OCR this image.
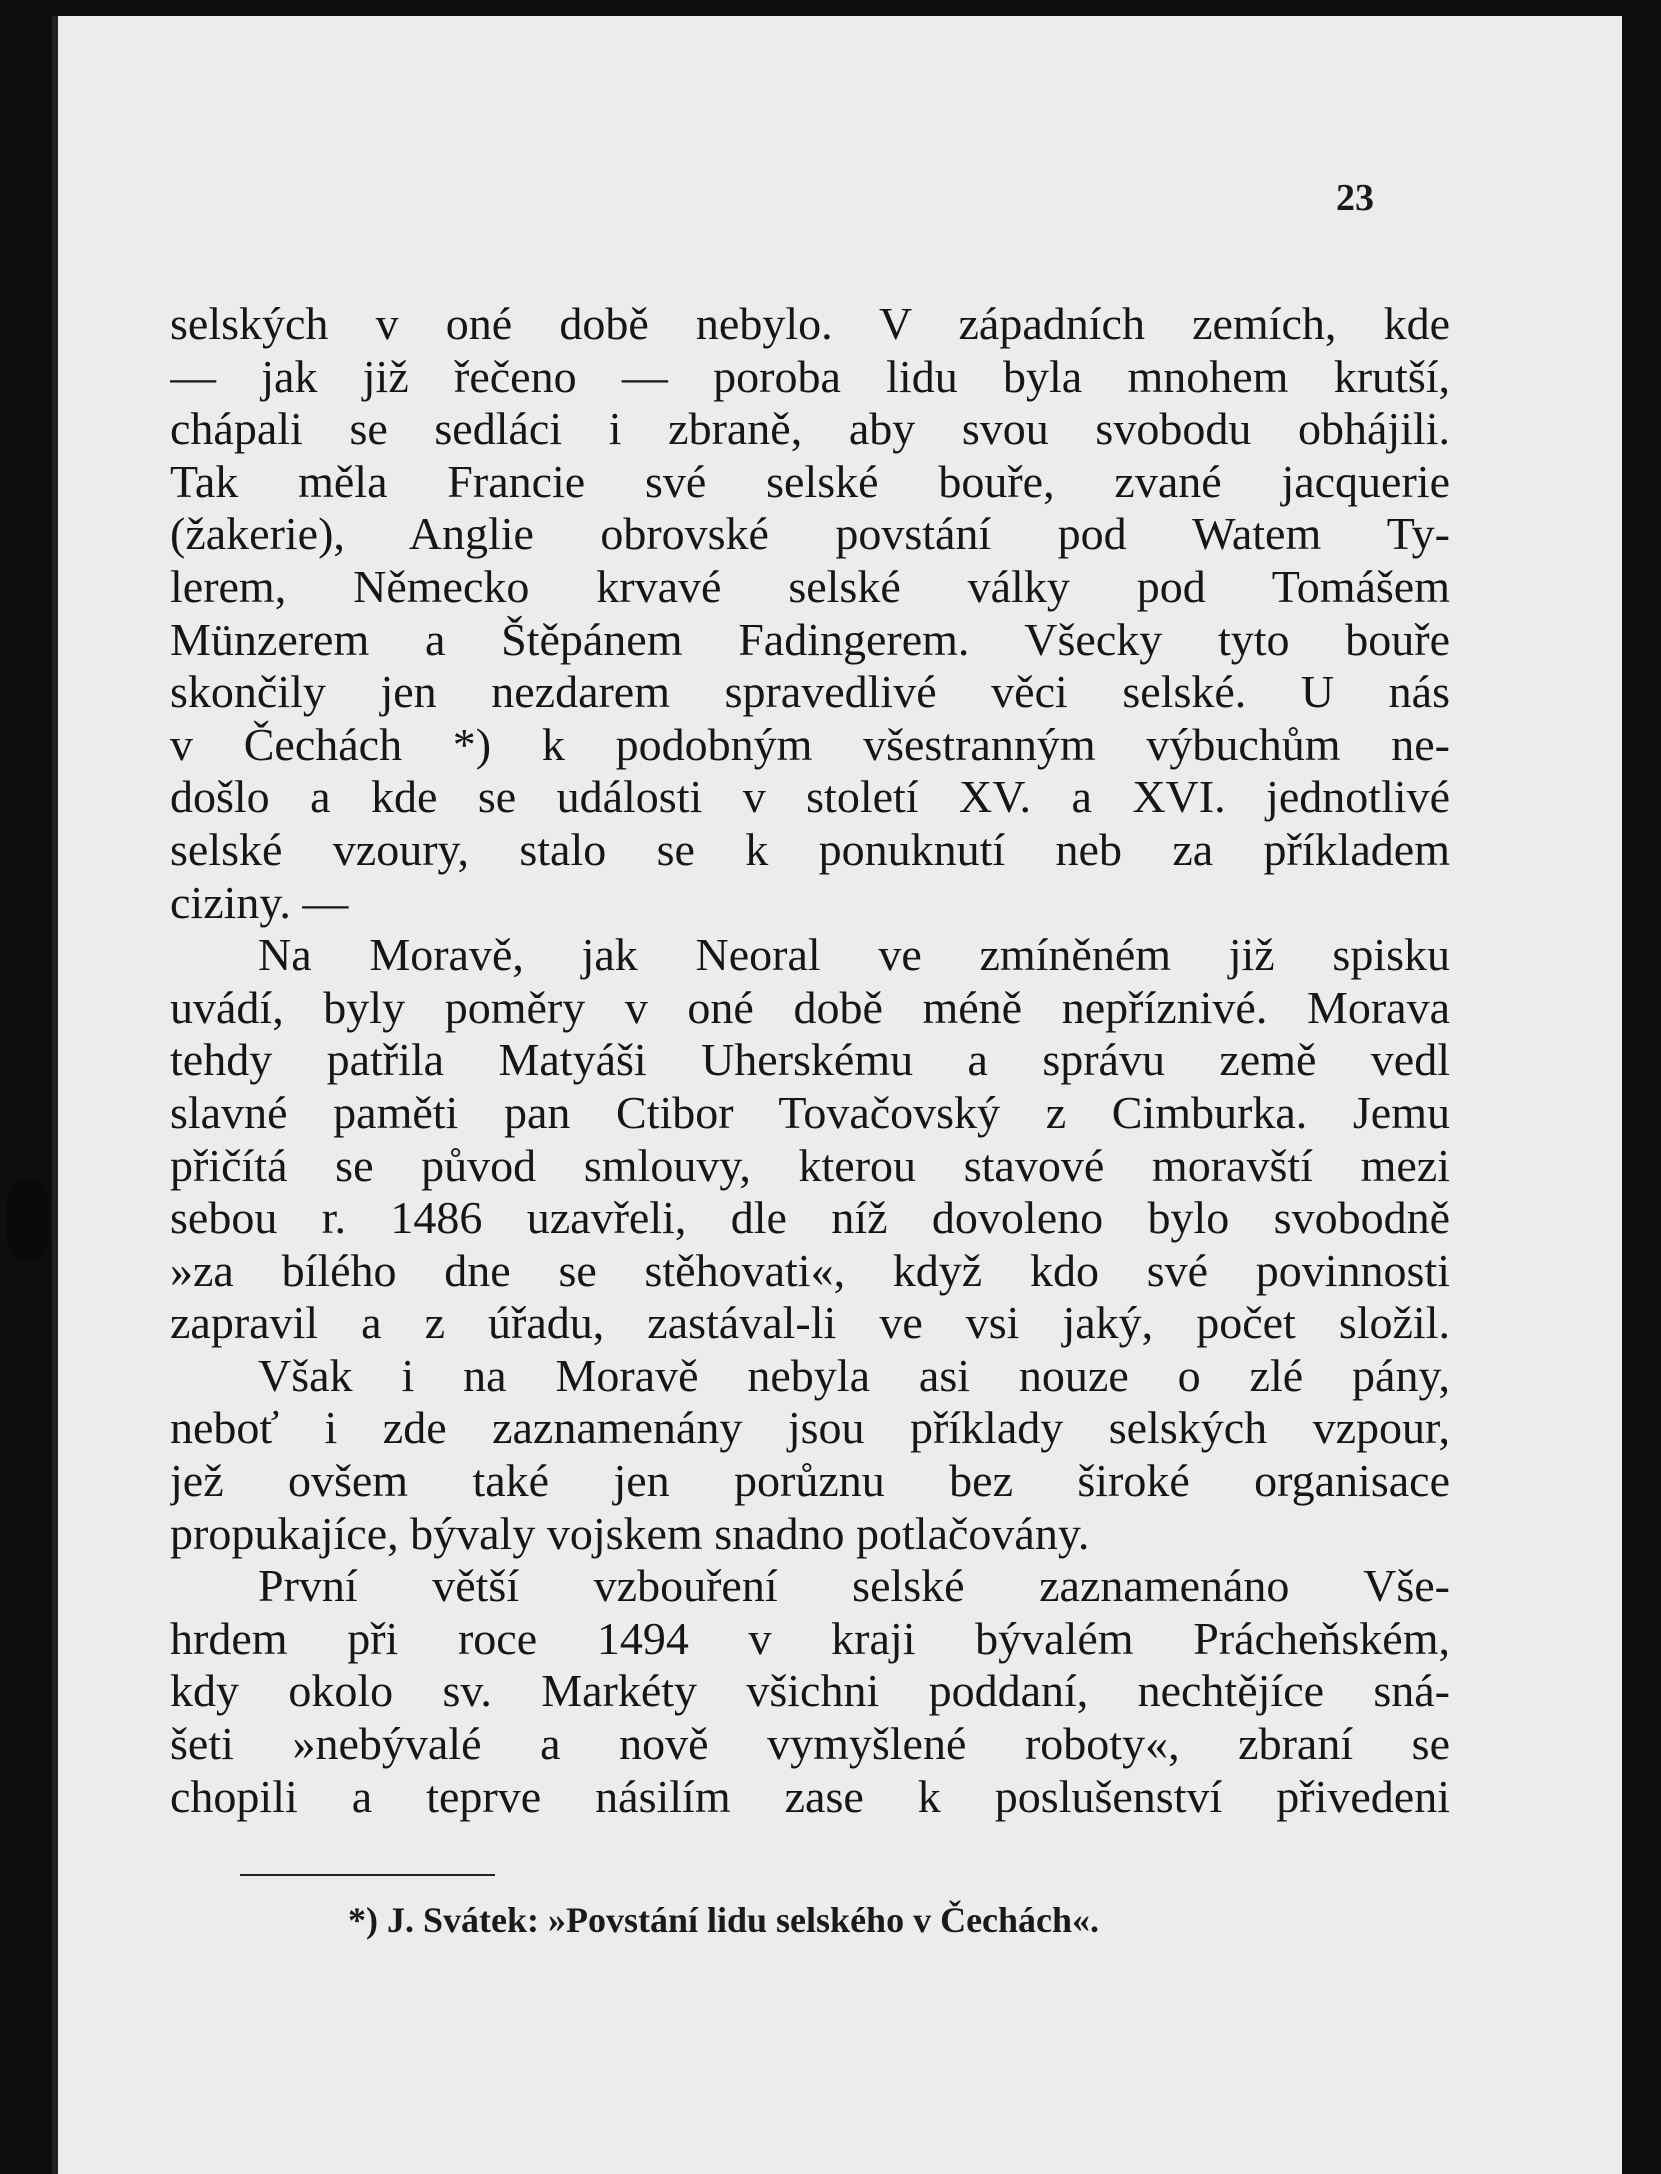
23
selských v oné době nebylo. V západních zemích, kde
— jak již řečeno — poroba lidu byla mnohem krutší,
chápali se sedláci i zbraně, aby svou svobodu obhájili.
Tak měla Francie své selské bouře, zvané jacquerie
(žakerie), Anglie obrovské povstání pod Watem Ty-
lerem, Německo krvavé selské války pod Tomášem
Münzerem a Štěpánem Fadingerem. Všecky tyto bouře
skončily jen nezdarem spravedlivé věci selské. U nás
v Čechách *) k podobným všestranným výbuchům ne-
došlo a kde se události v století XV. a XVI. jednotlivé
selské vzoury, stalo se k ponuknutí neb za příkladem
ciziny. —
Na Moravě, jak Neoral ve zmíněném již spisku
uvádí, byly poměry v oné době méně nepříznivé. Morava
tehdy patřila Matyáši Uherskému a správu země vedl
slavné paměti pan Ctibor Tovačovský z Cimburka. Jemu
přičítá se původ smlouvy, kterou stavové moravští mezi
sebou r. 1486 uzavřeli, dle níž dovoleno bylo svobodně
»za bílého dne se stěhovati«, když kdo své povinnosti
zapravil a z úřadu, zastával-li ve vsi jaký, počet složil.
Však i na Moravě nebyla asi nouze o zlé pány,
neboť i zde zaznamenány jsou příklady selských vzpour,
jež ovšem také jen porůznu bez široké organisace
propukajíce, bývaly vojskem snadno potlačovány.
První větší vzbouření selské zaznamenáno Vše-
hrdem při roce 1494 v kraji bývalém Prácheňském,
kdy okolo sv. Markéty všichni poddaní, nechtějíce sná-
šeti »nebývalé a nově vymyšlené roboty«, zbraní se
chopili a teprve násilím zase k poslušenství přivedeni
*) J. Svátek: »Povstání lidu selského v Čechách«.
